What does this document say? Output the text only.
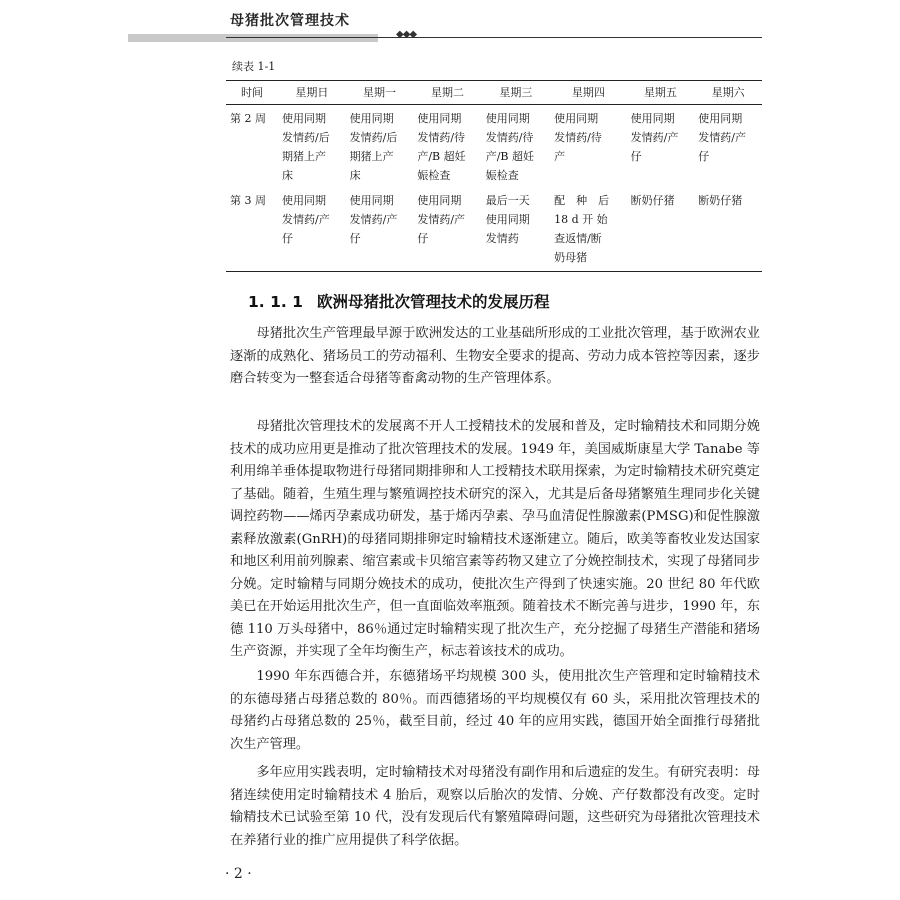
母猪批次管理技术
◆◆◆
续表 1-1
时间	星期日	星期一	星期二	星期三	星期四	星期五	星期六
第 2 周	使用同期
发情药/后
期猪上产
床	使用同期
发情药/后
期猪上产
床	使用同期
发情药/待
产/B 超妊
娠检查	使用同期
发情药/待
产/B 超妊
娠检查	使用同期
发情药/待
产	使用同期
发情药/产
仔	使用同期
发情药/产
仔
第 3 周	使用同期
发情药/产
仔	使用同期
发情药/产
仔	使用同期
发情药/产
仔	最后一天
使用同期
发情药	配　种　后
18 d 开 始
查返情/断
奶母猪	断奶仔猪	断奶仔猪
1. 1. 1 欧洲母猪批次管理技术的发展历程

母猪批次生产管理最早源于欧洲发达的工业基础所形成的工业批次管理，基于欧洲农业逐渐的成熟化、猪场员工的劳动福利、生物安全要求的提高、劳动力成本管控等因素，逐步磨合转变为一整套适合母猪等畜禽动物的生产管理体系。

母猪批次管理技术的发展离不开人工授精技术的发展和普及，定时输精技术和同期分娩技术的成功应用更是推动了批次管理技术的发展。1949 年，美国威斯康星大学 Tanabe 等利用绵羊垂体提取物进行母猪同期排卵和人工授精技术联用探索，为定时输精技术研究奠定了基础。随着，生殖生理与繁殖调控技术研究的深入，尤其是后备母猪繁殖生理同步化关键调控药物——烯丙孕素成功研发，基于烯丙孕素、孕马血清促性腺激素(PMSG)和促性腺激素释放激素(GnRH)的母猪同期排卵定时输精技术逐渐建立。随后，欧美等畜牧业发达国家和地区利用前列腺素、缩宫素或卡贝缩宫素等药物又建立了分娩控制技术，实现了母猪同步分娩。定时输精与同期分娩技术的成功，使批次生产得到了快速实施。20 世纪 80 年代欧美已在开始运用批次生产，但一直面临效率瓶颈。随着技术不断完善与进步，1990 年，东德 110 万头母猪中，86％通过定时输精实现了批次生产，充分挖掘了母猪生产潜能和猪场生产资源，并实现了全年均衡生产，标志着该技术的成功。

1990 年东西德合并，东德猪场平均规模 300 头，使用批次生产管理和定时输精技术的东德母猪占母猪总数的 80％。而西德猪场的平均规模仅有 60 头，采用批次管理技术的母猪约占母猪总数的 25％，截至目前，经过 40 年的应用实践，德国开始全面推行母猪批次生产管理。

多年应用实践表明，定时输精技术对母猪没有副作用和后遗症的发生。有研究表明：母猪连续使用定时输精技术 4 胎后，观察以后胎次的发情、分娩、产仔数都没有改变。定时输精技术已试验至第 10 代，没有发现后代有繁殖障碍问题，这些研究为母猪批次管理技术在养猪行业的推广应用提供了科学依据。

· 2 ·
